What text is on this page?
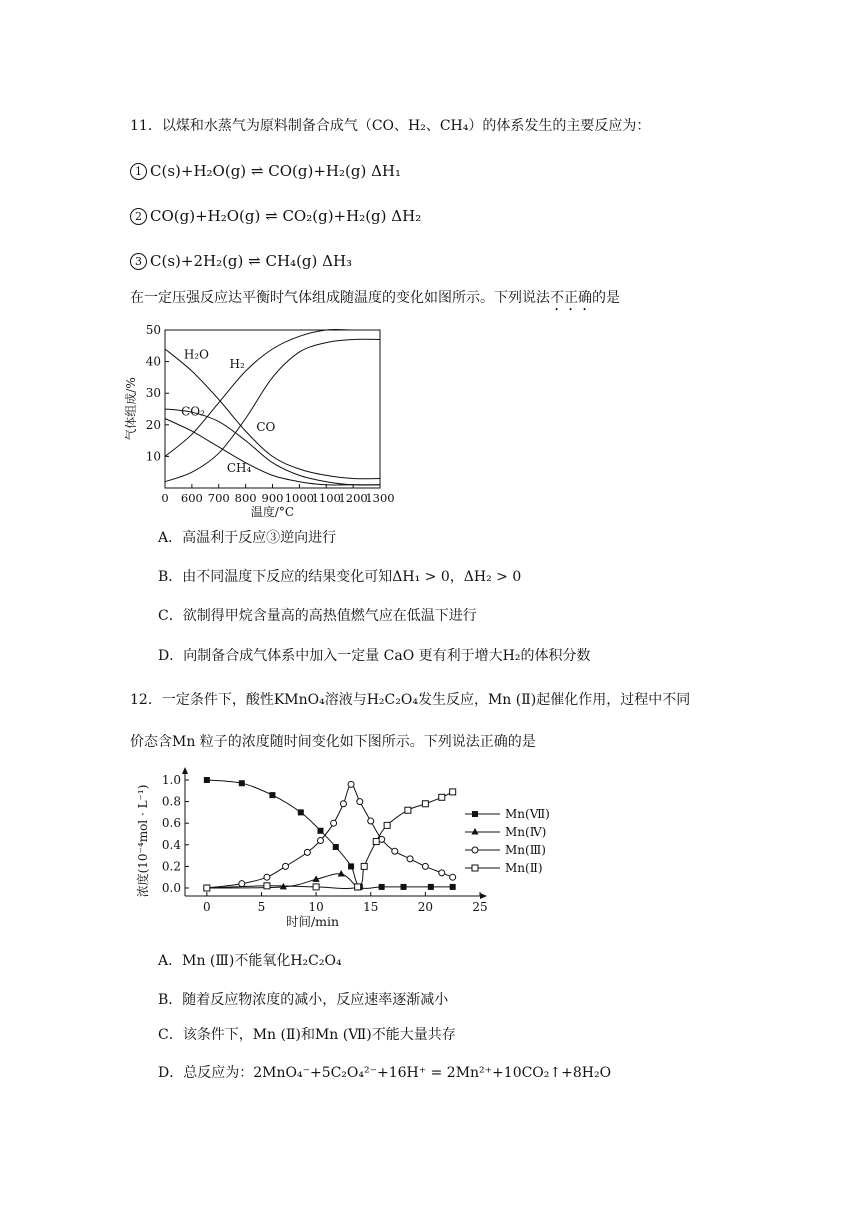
11．以煤和水蒸气为原料制备合成气（CO、H₂、CH₄）的体系发生的主要反应为：
1 C(s)+H₂O(g) ⇌ CO(g)+H₂(g) ΔH₁
2 CO(g)+H₂O(g) ⇌ CO₂(g)+H₂(g) ΔH₂
3 C(s)+2H₂(g) ⇌ CH₄(g) ΔH₃
在一定压强反应达平衡时气体组成随温度的变化如图所示。下列说法不正确的是
10
20
30
40
50
0 600 700 800 900 1000
1100
1200
1300
温度/°C
气体组成/%
H₂O
H₂
CO₂
CO
CH₄
A．高温利于反应③逆向进行
B．由不同温度下反应的结果变化可知ΔH₁ > 0，ΔH₂ > 0
C．欲制得甲烷含量高的高热值燃气应在低温下进行
D．向制备合成气体系中加入一定量 CaO 更有利于增大H₂的体积分数
12．一定条件下，酸性KMnO₄溶液与H₂C₂O₄发生反应，Mn (Ⅱ)起催化作用，过程中不同
价态含Mn 粒子的浓度随时间变化如下图所示。下列说法正确的是
0.0
0.2
0.4
0.6
0.8
1.0
0	5	10	15	20	25
时间/min
浓度(10⁻⁴mol · L⁻¹)	Mn(Ⅶ)
Mn(Ⅳ)
Mn(Ⅲ)
Mn(Ⅱ)
A．Mn (Ⅲ)不能氧化H₂C₂O₄
B．随着反应物浓度的减小，反应速率逐渐减小
C．该条件下，Mn (Ⅱ)和Mn (Ⅶ)不能大量共存
D．总反应为：2MnO₄⁻+5C₂O₄²⁻+16H⁺ = 2Mn²⁺+10CO₂↑+8H₂O
